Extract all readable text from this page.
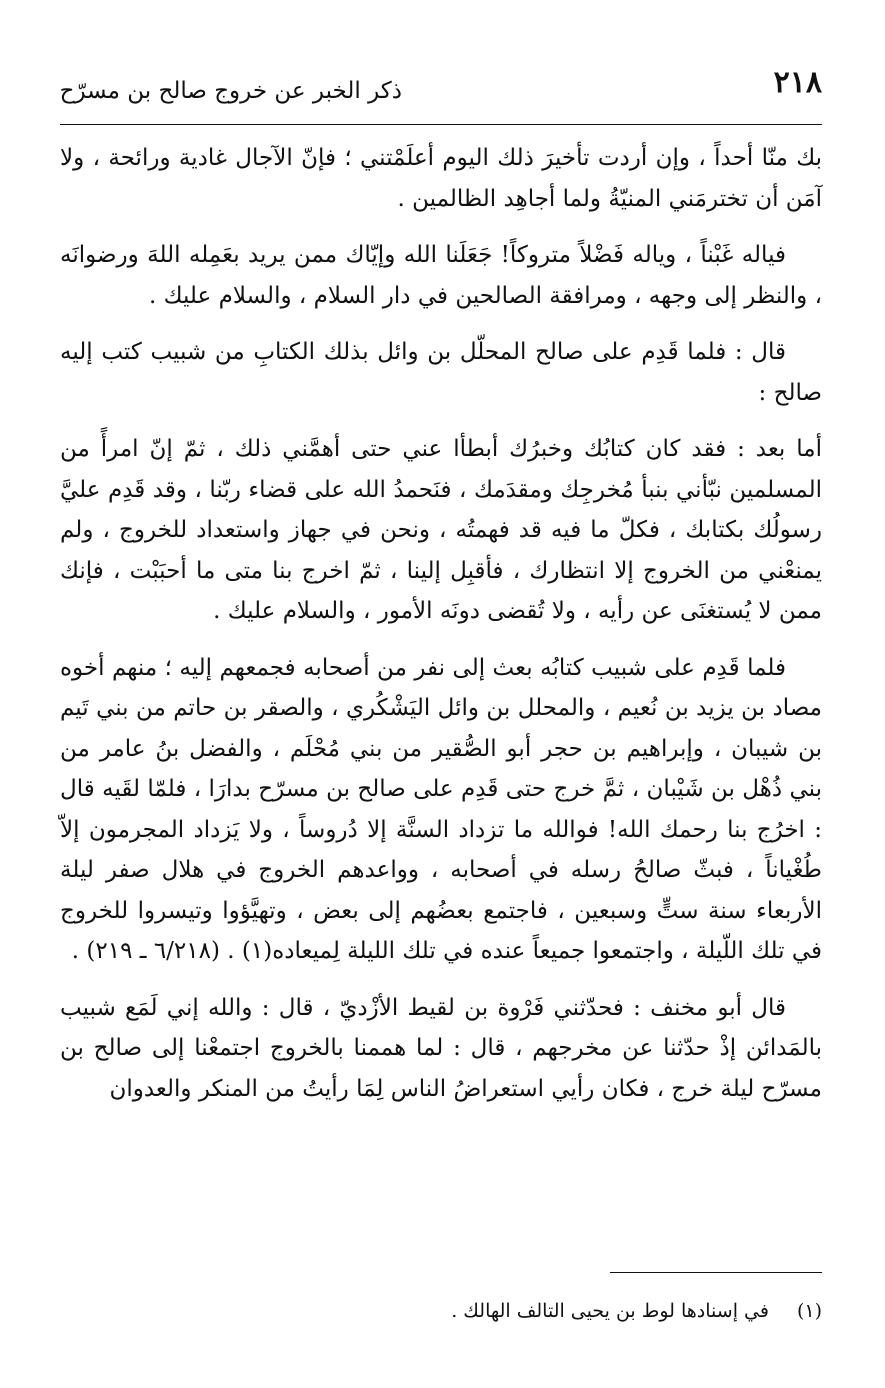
٢١٨
ذكر الخبر عن خروج صالح بن مسرّح

بك منّا أحداً ، وإن أردت تأخيرَ ذلك اليوم أعلَمْتني ؛ فإنّ الآجال غادية ورائحة ، ولا آمَن أن تخترمَني المنيّةُ ولما أجاهِد الظالمين .

فياله غَبْناً ، وياله فَضْلاً متروكاً! جَعَلَنا الله وإيّاك ممن يريد بعَمِله اللهَ ورضوانَه ، والنظر إلى وجهه ، ومرافقة الصالحين في دار السلام ، والسلام عليك .

قال : فلما قَدِم على صالح المحلّل بن وائل بذلك الكتابِ من شبيب كتب إليه صالح :

أما بعد : فقد كان كتابُك وخبرُك أبطأا عني حتى أهمَّني ذلك ، ثمّ إنّ امرأً من المسلمين نبّأني بنبأ مُخرجِك ومقدَمك ، فنَحمدُ الله على قضاء ربّنا ، وقد قَدِم عليَّ رسولُك بكتابك ، فكلّ ما فيه قد فهمتُه ، ونحن في جهاز واستعداد للخروج ، ولم يمنعْني من الخروج إلا انتظارك ، فأقبِل إلينا ، ثمّ اخرج بنا متى ما أحبَبْت ، فإنك ممن لا يُستغنَى عن رأيه ، ولا تُقضى دونَه الأمور ، والسلام عليك .

فلما قَدِم على شبيب كتابُه بعث إلى نفر من أصحابه فجمعهم إليه ؛ منهم أخوه مصاد بن يزيد بن نُعيم ، والمحلل بن وائل اليَشْكُري ، والصقر بن حاتم من بني تَيم بن شيبان ، وإبراهيم بن حجر أبو الصُّقير من بني مُحْلَم ، والفضل بنُ عامر من بني ذُهْل بن شَيْبان ، ثمَّ خرج حتى قَدِم على صالح بن مسرّح بدارَا ، فلمّا لقَيه قال : اخرُج بنا رحمك الله! فوالله ما تزداد السنَّة إلا دُروساً ، ولا يَزداد المجرمون إلاّ طُغْياناً ، فبثّ صالحُ رسله في أصحابه ، وواعدهم الخروج في هلال صفر ليلة الأربعاء سنة ستٍّ وسبعين ، فاجتمع بعضُهم إلى بعض ، وتهيَّؤوا وتيسروا للخروج في تلك اللّيلة ، واجتمعوا جميعاً عنده في تلك الليلة لِميعاده(١) . (٦/٢١٨ ـ ٢١٩) .

قال أبو مخنف : فحدّثني فَرْوة بن لقيط الأزْديّ ، قال : والله إني لَمَع شبيب بالمَدائن إذْ حدّثنا عن مخرجهم ، قال : لما هممنا بالخروج اجتمعْنا إلى صالح بن مسرّح ليلة خرج ، فكان رأيي استعراضُ الناس لِمَا رأيتُ من المنكر والعدوان

(١)في إسنادها لوط بن يحيى التالف الهالك .
